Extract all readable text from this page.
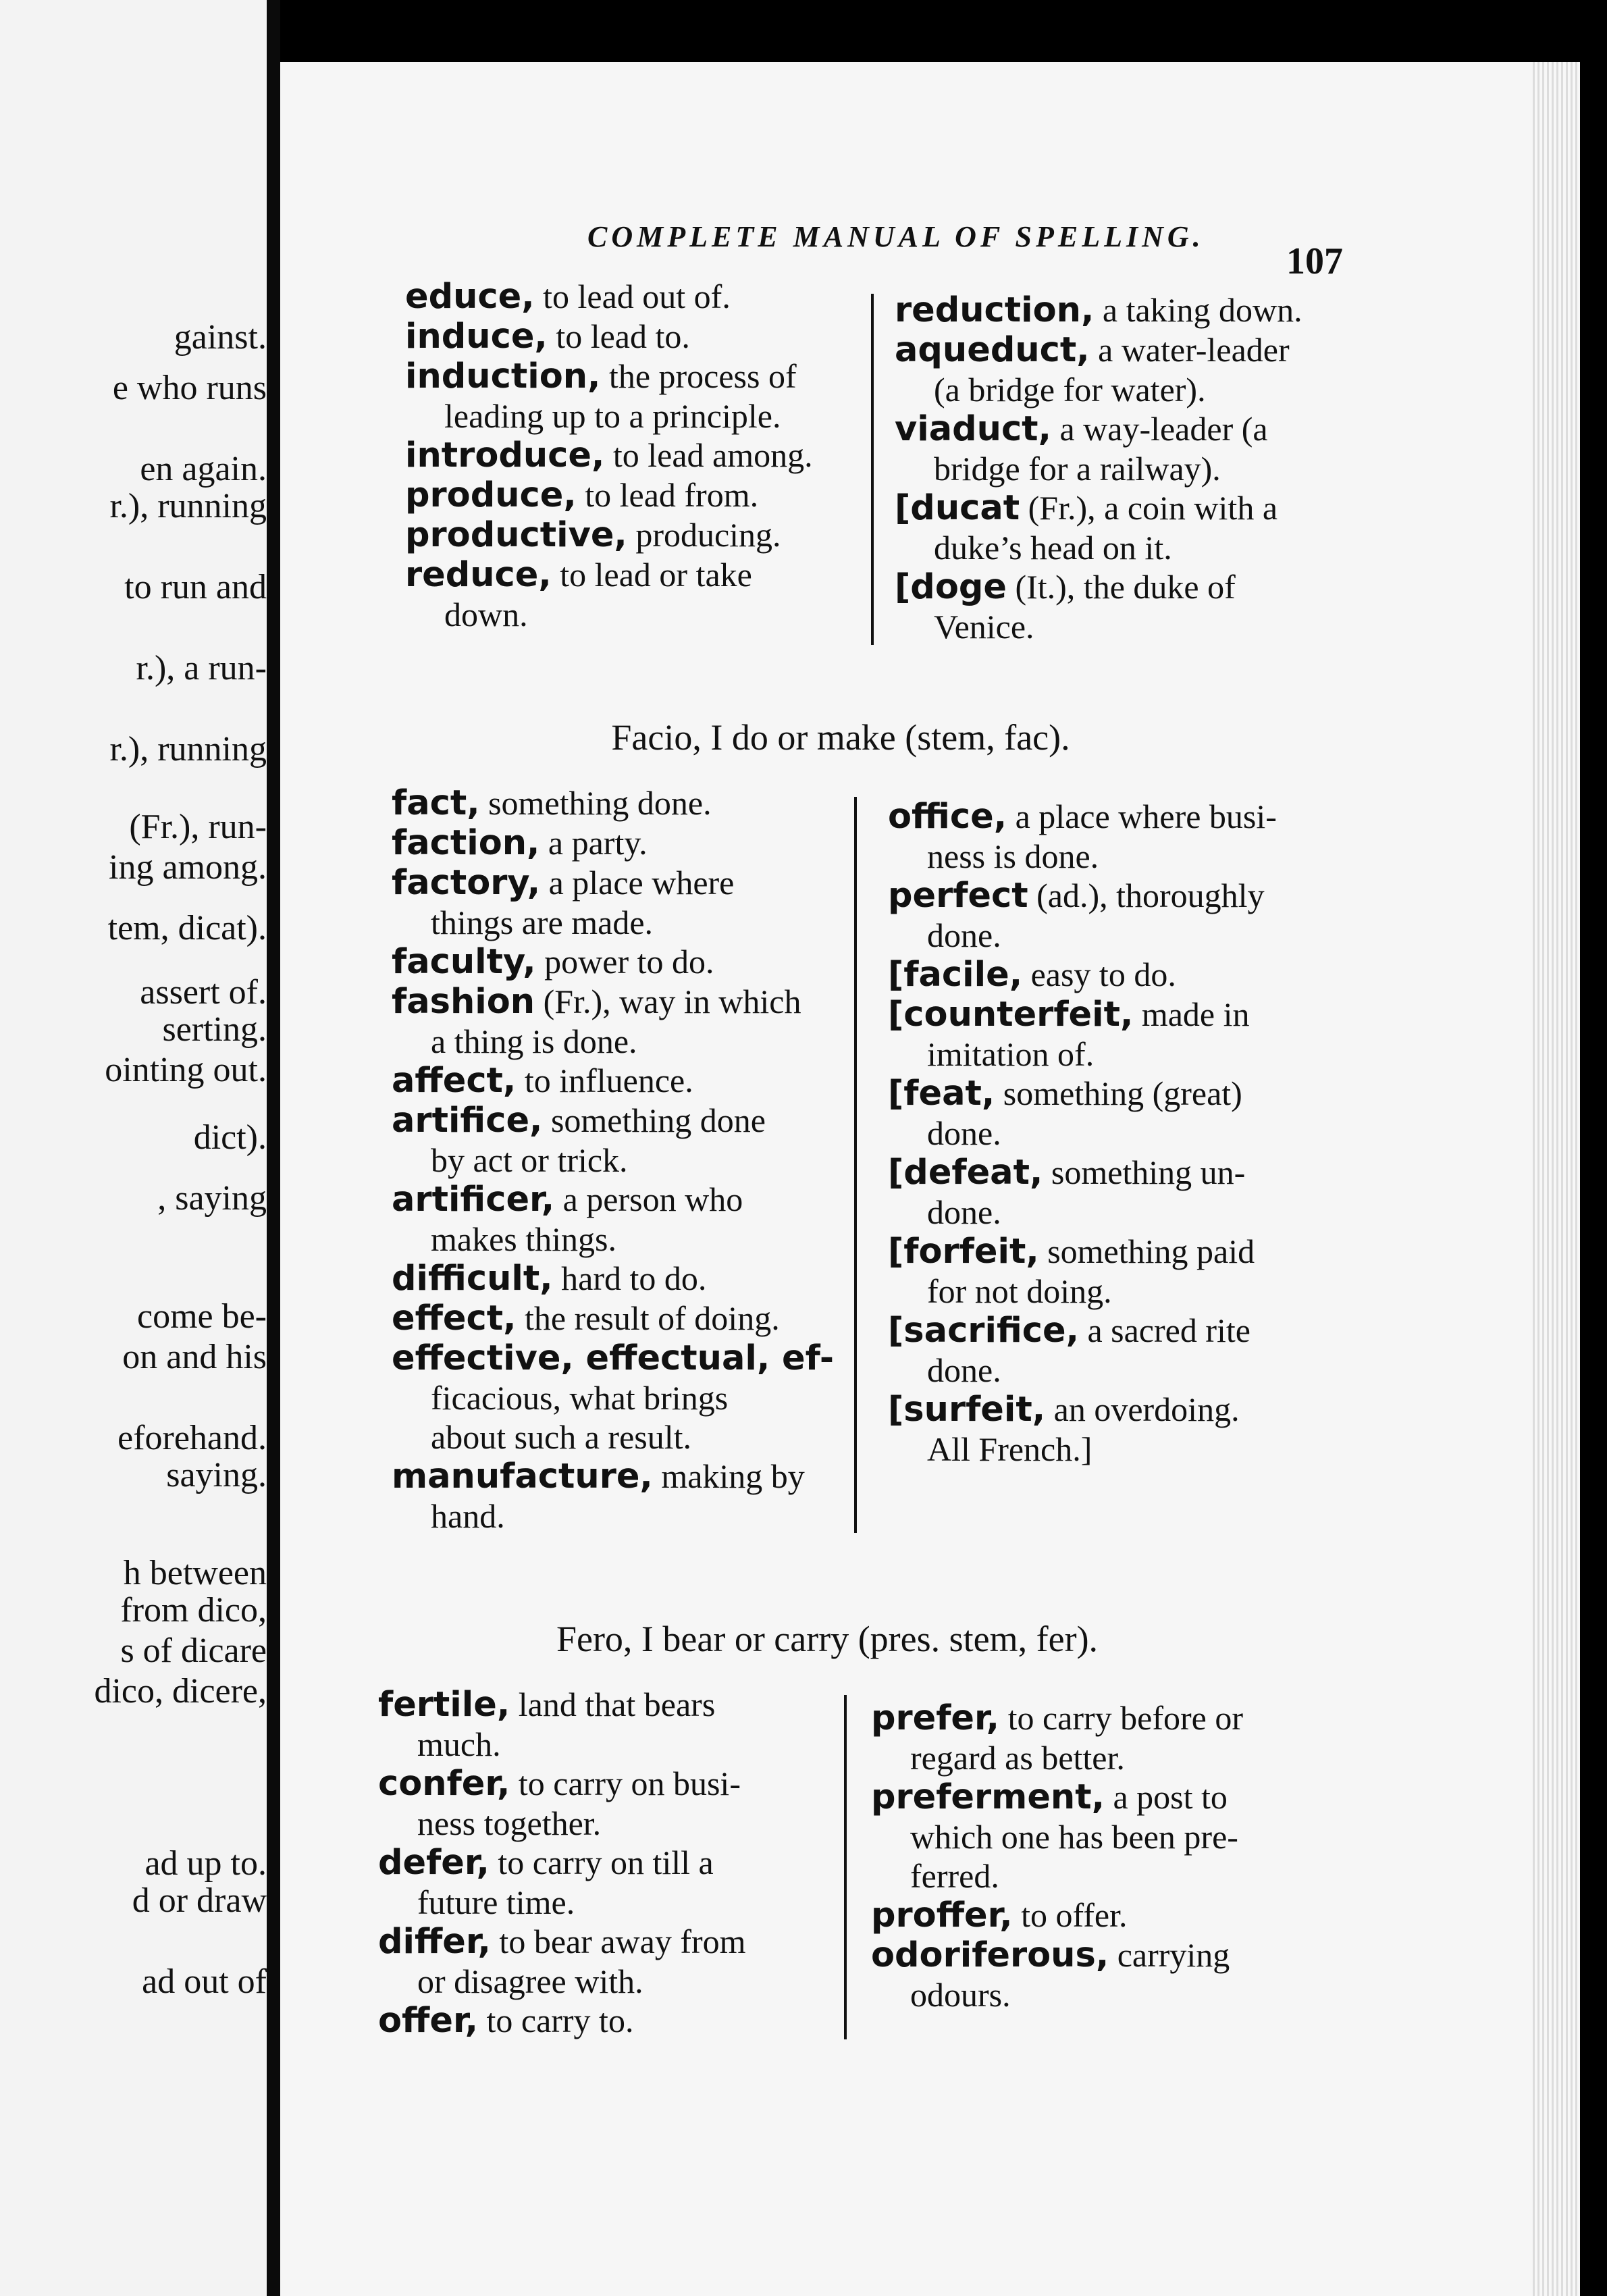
gainst.
e who runs
en again.
r.), running
to run and
r.), a run-
r.), running
(Fr.), run-
ing among.
tem, dicat).
assert of.
serting.
ointing out.
dict).
, saying
come be-
on and his
eforehand.
saying.
h between
from dico,
s of dicare
dico, dicere,
ad up to.
d or draw
ad out of
COMPLETE MANUAL OF SPELLING.
107
educe, to lead out of.
induce, to lead to.
induction, the process of
leading up to a principle.
introduce, to lead among.
produce, to lead from.
productive, producing.
reduce, to lead or take
down.
reduction, a taking down.
aqueduct, a water-leader
(a bridge for water).
viaduct, a way-leader (a
bridge for a railway).
[ducat (Fr.), a coin with a
duke’s head on it.
[doge (It.), the duke of
Venice.
Facio, I do or make (stem, fac).
fact, something done.
faction, a party.
factory, a place where
things are made.
faculty, power to do.
fashion (Fr.), way in which
a thing is done.
affect, to influence.
artifice, something done
by act or trick.
artificer, a person who
makes things.
difficult, hard to do.
effect, the result of doing.
effective, effectual, ef-
ficacious, what brings
about such a result.
manufacture, making by
hand.
office, a place where busi-
ness is done.
perfect (ad.), thoroughly
done.
[facile, easy to do.
[counterfeit, made in
imitation of.
[feat, something (great)
done.
[defeat, something un-
done.
[forfeit, something paid
for not doing.
[sacrifice, a sacred rite
done.
[surfeit, an overdoing.
All French.]
Fero, I bear or carry (pres. stem, fer).
fertile, land that bears
much.
confer, to carry on busi-
ness together.
defer, to carry on till a
future time.
differ, to bear away from
or disagree with.
offer, to carry to.
prefer, to carry before or
regard as better.
preferment, a post to
which one has been pre-
ferred.
proffer, to offer.
odoriferous, carrying
odours.
